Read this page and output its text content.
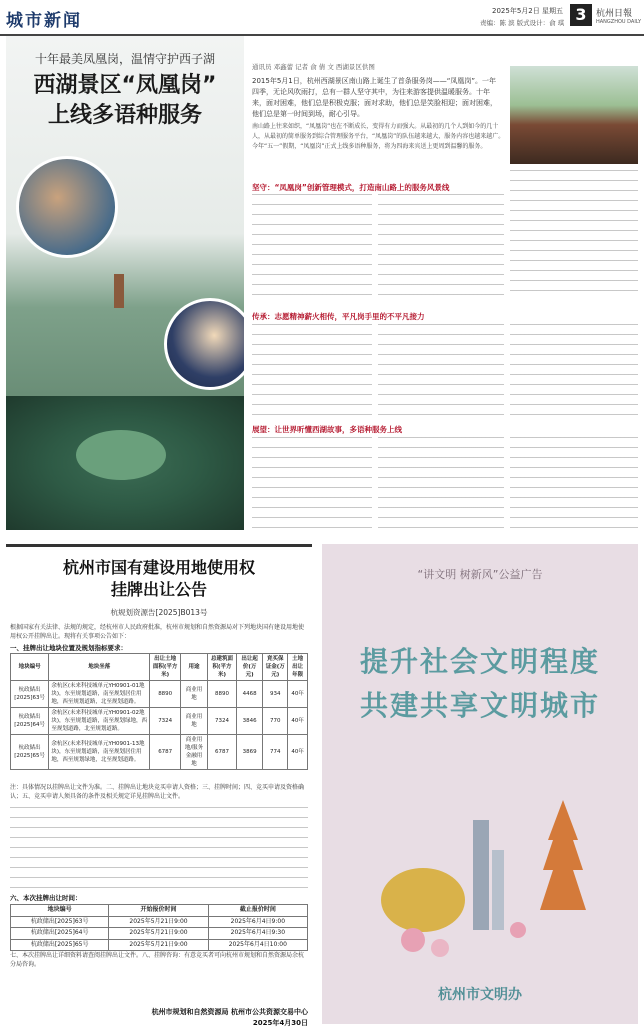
城市新闻	2025年5月2日 星期五
责编：陈 滨 版式设计：俞 琪 3	杭州日報
HANGZHOU DAILY
十年最美凤凰岗，温情守护西子湖
西湖景区“凤凰岗”
上线多语种服务
通讯员 邓鑫蕾 记者 俞 倩 文 西湖景区供图
2015年5月1日，杭州西湖景区南山路上诞生了首条服务岗——“凤凰岗”。一年四季，无论风吹雨打，总有一群人坚守其中，为往来游客提供温暖服务。十年来，面对困难，他们总是积极克服；面对求助，他们总是笑脸相迎；面对困难，他们总是第一时间到场，耐心引导。
南山路上往来如织，“凤凰岗”也在不断成长，变得有力而强大。从最初的几个人到如今的几十人，从最初的简单服务到综合管理服务平台，“凤凰岗”的队伍越来越大，服务内容也越来越广。今年“五一”假期，“凤凰岗”正式上线多语种服务，将为四海来宾送上更周到温馨的服务。
坚守：“凤凰岗”创新管理模式，打造南山路上的服务风景线
传承：志愿精神薪火相传，平凡岗手里的不平凡接力
展望：让世界听懂西湖故事，多语种服务上线
杭州市国有建设用地使用权
挂牌出让公告
杭规划资源告[2025]B013号
根据国家有关法律、法规的规定，经杭州市人民政府批准，杭州市规划和自然资源局对下列地块国有建设用地使用权公开挂牌出让。现将有关事项公告如下：
一、挂牌出让地块位置及规划指标要求：
地块编号	地块坐落	出让土地面积(平方米)	用途	总建筑面积(平方米)	出让起价(万元)	竞买保证金(万元)	土地出让年限
杭政储出[2025]63号	余杭区(未来科技城单元YH0901-01地块)，东至规划道路，南至规划居住用地，西至规划道路，北至规划道路。	8890	商业用地	8890	4468	934	40年
杭政储出[2025]64号	余杭区(未来科技城单元YH0901-02地块)，东至规划道路，南至规划绿地，西至规划道路，北至规划道路。	7324	商业用地	7324	3846	770	40年
杭政储出[2025]65号	余杭区(未来科技城单元YH0901-13地块)，东至规划道路，南至规划居住用地，西至规划绿地，北至规划道路。	6787	商业用地/服务金融用地	6787	3869	774	40年
注：具体情况以挂牌出让文件为准。二、挂牌出让地块竞买申请人资格；三、挂牌时间；四、竞买申请及资格确认；五、竞买申请人须具备的条件及相关规定详见挂牌出让文件。
六、本次挂牌出让时间：
地块编号	开始报价时间	截止报价时间
杭政储出[2025]63号	2025年5月21日9:00	2025年6月4日9:00
杭政储出[2025]64号	2025年5月21日9:00	2025年6月4日9:30
杭政储出[2025]65号	2025年5月21日9:00	2025年6月4日10:00
七、本次挂牌出让详细资料请查阅挂牌出让文件。八、挂牌咨询：有意竞买者可向杭州市规划和自然资源局余杭分局咨询。
杭州市规划和自然资源局 杭州市公共资源交易中心
2025年4月30日
“讲文明 树新风”公益广告
提升社会文明程度
共建共享文明城市
杭州市文明办
